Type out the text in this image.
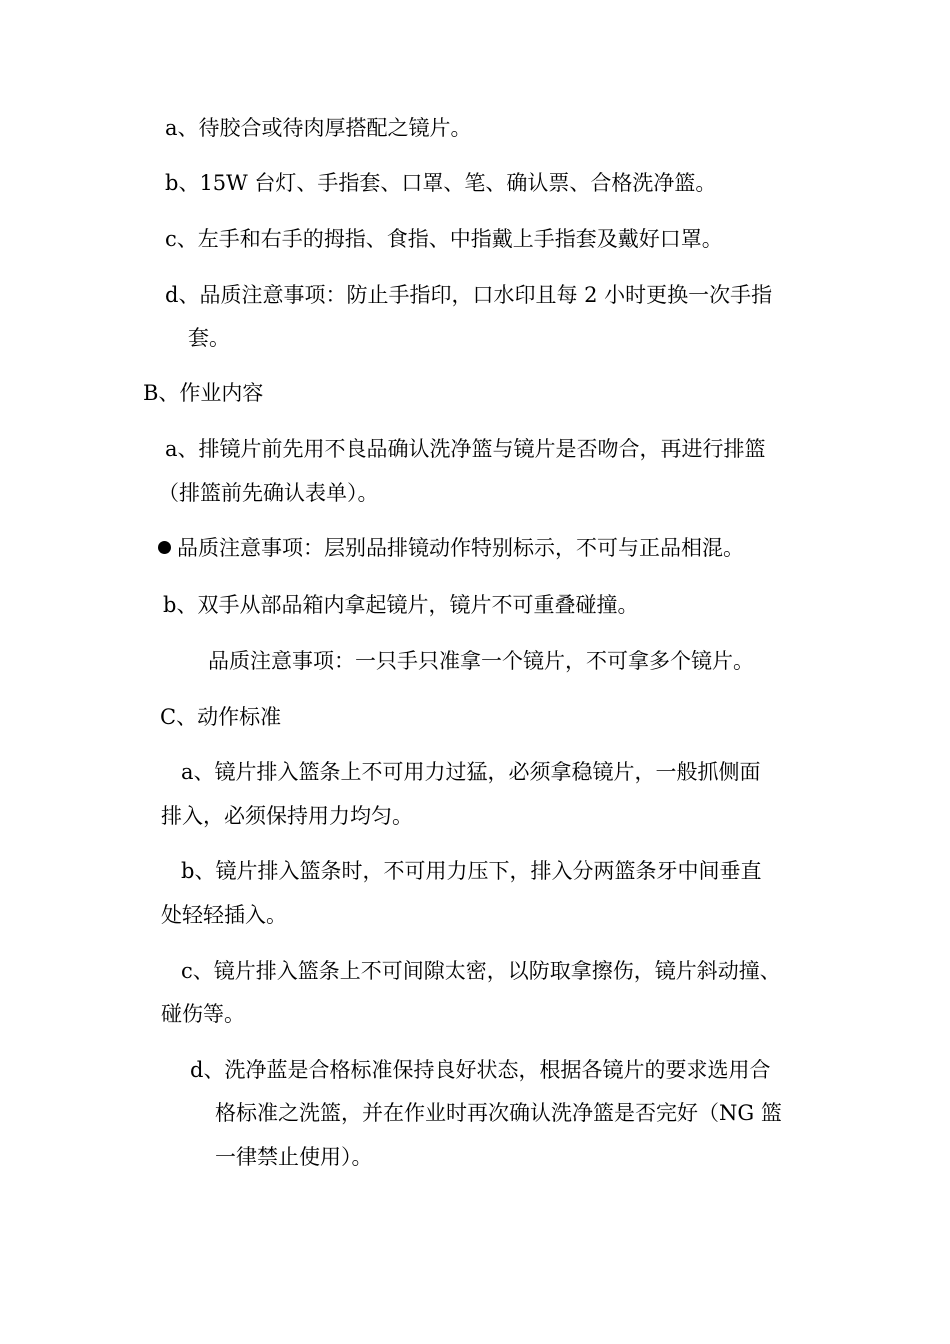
a、待胶合或待肉厚搭配之镜片。
b、15W 台灯、手指套、口罩、笔、确认票、合格洗净篮。
c、左手和右手的拇指、食指、中指戴上手指套及戴好口罩。
d、品质注意事项：防止手指印，口水印且每 2 小时更换一次手指
套。
B、作业内容
a、排镜片前先用不良品确认洗净篮与镜片是否吻合，再进行排篮
（排篮前先确认表单）。
品质注意事项：层别品排镜动作特别标示，不可与正品相混。
b、双手从部品箱内拿起镜片，镜片不可重叠碰撞。
品质注意事项：一只手只准拿一个镜片，不可拿多个镜片。
C、动作标准
a、镜片排入篮条上不可用力过猛，必须拿稳镜片，一般抓侧面
排入，必须保持用力均匀。
b、镜片排入篮条时，不可用力压下，排入分两篮条牙中间垂直
处轻轻插入。
c、镜片排入篮条上不可间隙太密，以防取拿擦伤，镜片斜动撞、
碰伤等。
d、洗净蓝是合格标准保持良好状态，根据各镜片的要求选用合
格标准之洗篮，并在作业时再次确认洗净篮是否完好（NG 篮
一律禁止使用）。
